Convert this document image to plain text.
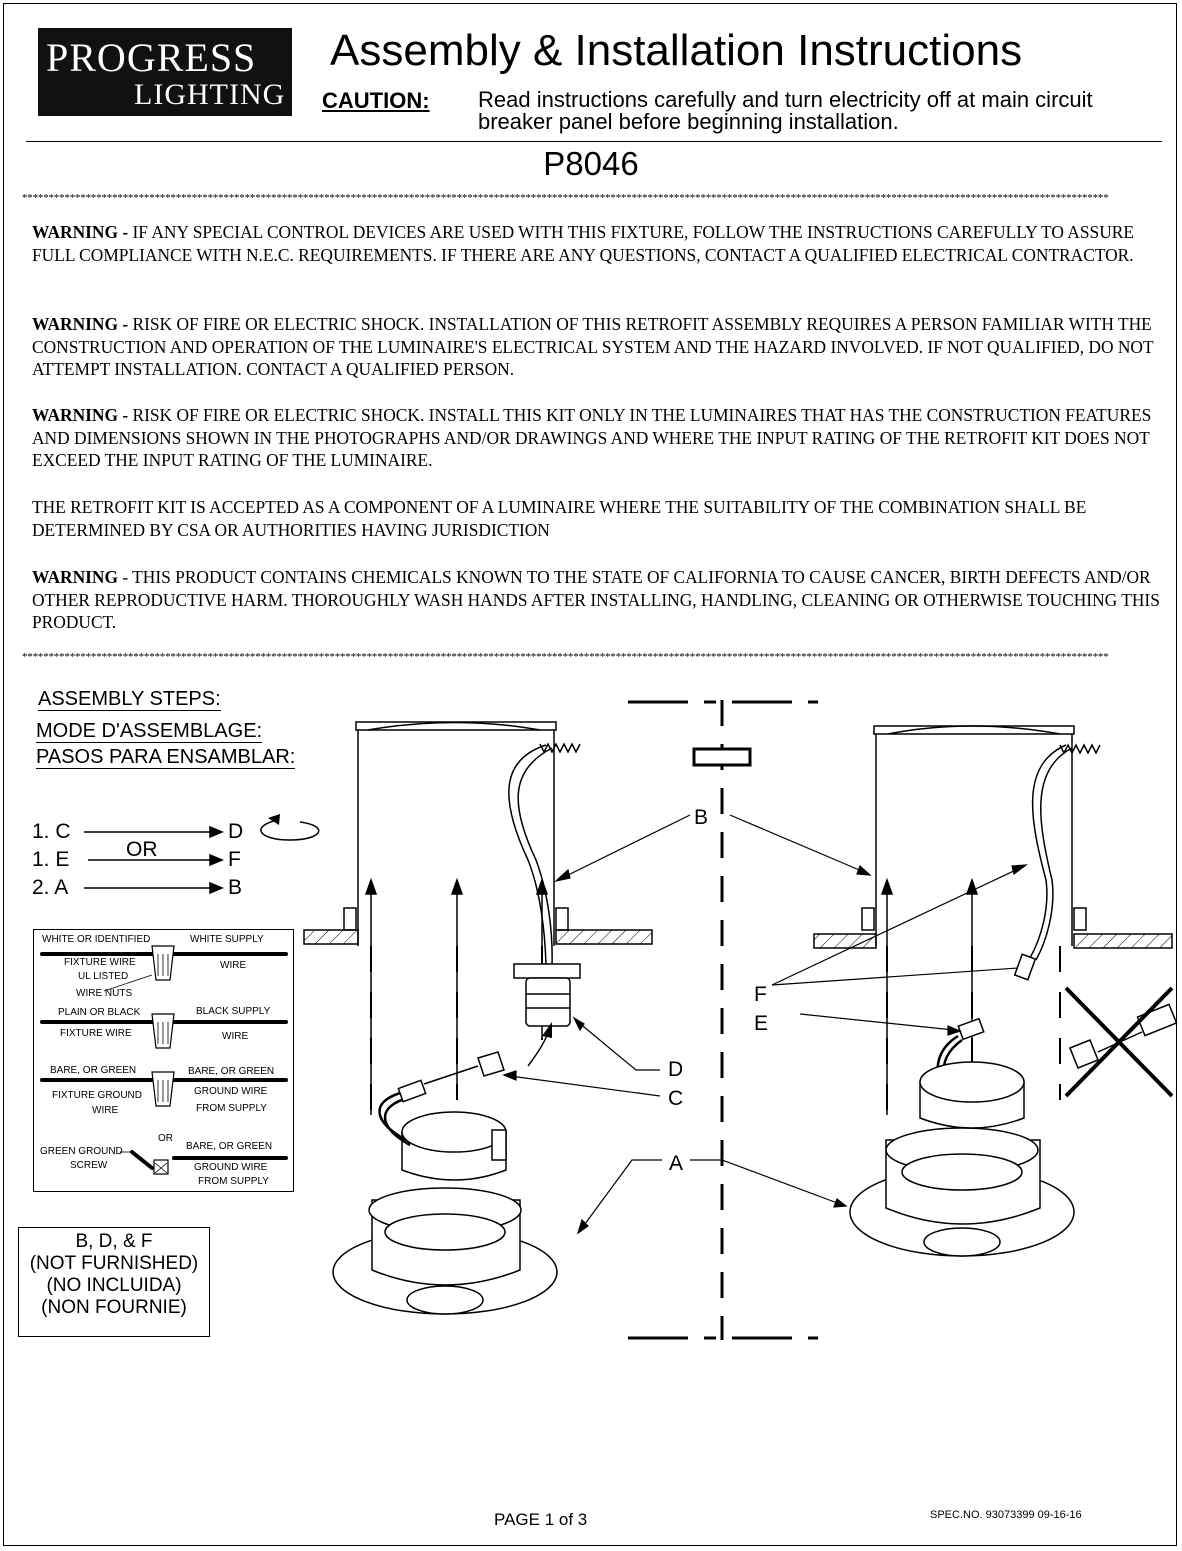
PROGRESS
LIGHTING
Assembly & Installation Instructions
CAUTION: Read instructions carefully and turn electricity off at main circuit breaker panel before beginning installation.
P8046
*************************************************************************************************************************************************************************************************************
WARNING - IF ANY SPECIAL CONTROL DEVICES ARE USED WITH THIS FIXTURE, FOLLOW THE INSTRUCTIONS CAREFULLY TO ASSURE FULL COMPLIANCE WITH N.E.C. REQUIREMENTS. IF THERE ARE ANY QUESTIONS, CONTACT A QUALIFIED ELECTRICAL CONTRACTOR.
WARNING - RISK OF FIRE OR ELECTRIC SHOCK. INSTALLATION OF THIS RETROFIT ASSEMBLY REQUIRES A PERSON FAMILIAR WITH THE CONSTRUCTION AND OPERATION OF THE LUMINAIRE'S ELECTRICAL SYSTEM AND THE HAZARD INVOLVED. IF NOT QUALIFIED, DO NOT ATTEMPT INSTALLATION. CONTACT A QUALIFIED PERSON.
WARNING - RISK OF FIRE OR ELECTRIC SHOCK. INSTALL THIS KIT ONLY IN THE LUMINAIRES THAT HAS THE CONSTRUCTION FEATURES AND DIMENSIONS SHOWN IN THE PHOTOGRAPHS AND/OR DRAWINGS AND WHERE THE INPUT RATING OF THE RETROFIT KIT DOES NOT EXCEED THE INPUT RATING OF THE LUMINAIRE.
THE RETROFIT KIT IS ACCEPTED AS A COMPONENT OF A LUMINAIRE WHERE THE SUITABILITY OF THE COMBINATION SHALL BE DETERMINED BY CSA OR AUTHORITIES HAVING JURISDICTION
WARNING - THIS PRODUCT CONTAINS CHEMICALS KNOWN TO THE STATE OF CALIFORNIA TO CAUSE CANCER, BIRTH DEFECTS AND/OR OTHER REPRODUCTIVE HARM. THOROUGHLY WASH HANDS AFTER INSTALLING, HANDLING, CLEANING OR OTHERWISE TOUCHING THIS PRODUCT.
*************************************************************************************************************************************************************************************************************
ASSEMBLY STEPS:
MODE D'ASSEMBLAGE:
PASOS PARA ENSAMBLAR:
1. C	D
1. E	F
2. A	B
OR
WHITE OR IDENTIFIED	WHITE SUPPLY
FIXTURE WIRE	WIRE
UL LISTED
WIRE NUTS
PLAIN OR BLACK	BLACK SUPPLY
FIXTURE WIRE	WIRE
BARE, OR GREEN	BARE, OR GREEN
FIXTURE GROUND	GROUND WIRE
WIRE	FROM SUPPLY
OR
GREEN GROUND
SCREW
BARE, OR GREEN
GROUND WIRE
FROM SUPPLY
B, D, & F
(NOT FURNISHED)
(NO INCLUIDA)
(NON FOURNIE)
OR
B
F
E
D
C
A
PAGE 1 of 3	SPEC.NO. 93073399 09-16-16
